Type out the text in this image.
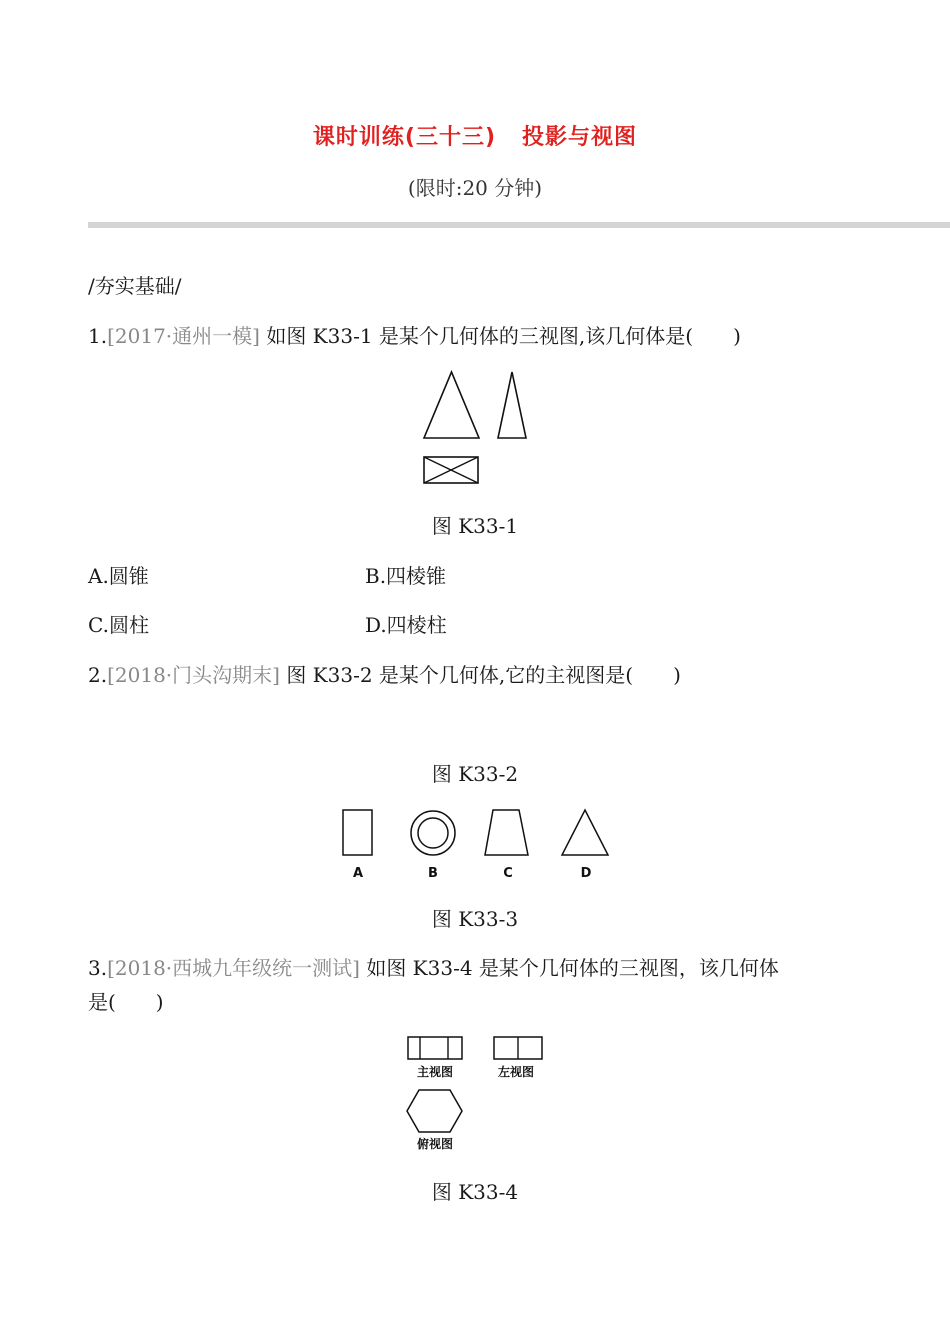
课时训练(三十三) 投影与视图
(限时:20 分钟)
/夯实基础/
1.[2017·通州一模] 如图 K33-1 是某个几何体的三视图,该几何体是(　　)
图 K33-1
A.圆锥	B.四棱锥
C.圆柱	D.四棱柱
2.[2018·门头沟期末] 图 K33-2 是某个几何体,它的主视图是(　　)
图 K33-2
A	B	C	D
图 K33-3
3.[2018·西城九年级统一测试] 如图 K33-4 是某个几何体的三视图，该几何体
是(　　)
主视图	左视图
俯视图
图 K33-4
